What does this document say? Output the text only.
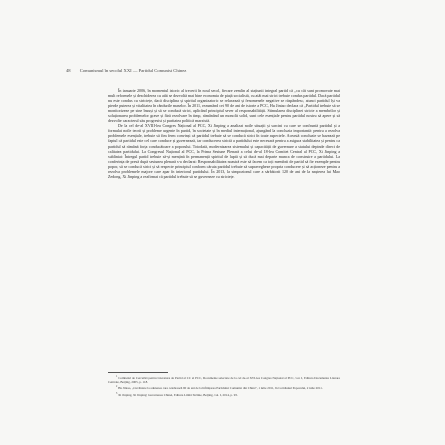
48 Comunismul în secolul XXI — Partidul Comunist Chinez

În ianuarie 2006, în momentul istoric al trecerii în noul secol, fiecare zemlin al stațiunii integral partid că „cu cât sunt promovate mai mult reformele și deschiderea cu atât se dezvoltă mai bine economia de piață socialistă, cu atât mai strict trebuie condus partidul. Dacă partidul nu este condus cu strictețe, dacă disciplina și spiritul organizatoric se relaxează și fenomenele negative se răspândesc, atunci partidul își va pierde puterea și vitalitatea în rândurile maselor. În 2011, rezumând cei 90 de ani de istorie a PCC, Hu Jintao declara că „Partidul trebuie să se monitorizeze pe sine însuși și să se conducă strict, aplicând principiul sever al responsabilității. Stimularea disciplinei stricte a membrilor și soluționarea problemelor grave și fără rezolvare în timp, rămânând un monolit solid, sunt cele esențiale pentru partidul nostru să apere și să dezvolte caracterul său progresist și puritatea politică marxistă.

De la cel de-al XVIII-lea Congres Național al PCC, Xi Jinping a analizat noile situații și sarcini cu care se confruntă partidul și a formulat noile teorii și probleme urgente în partid, în societate și în mediul internațional, ajungând la concluzia importantă: pentru a rezolva problemele esențiale, trebuie să fim ferm convinși că partidul trebuie să se conducă strict în toate aspectele. Această concluzie se bazează pe faptul că partidul este cel care conduce și guvernează, iar conducerea strictă a partidului este necesară pentru a asigura stabilitatea și pentru ca partidul să rămână forța conducătoare a poporului. Totodată, modernizarea sistemului și capacității de guvernare a statului depinde direct de calitatea partidului. La Congresul Național al PCC, la Prima Sesiune Plenară a celui de-al 18-lea Comitet Central al PCC, Xi Jinping a subliniat: Întregul partid trebuie să-și mențină în permanență spiritul de luptă și să ducă mai departe munca de construire a partidului. La conferința de presă după sesiunea plenară s-a declarat: Responsabilitatea noastră este să facem ca toți membrii de partid să fie exemple pentru popor, să se conducă strict și să respecte principiul conform căruia partidul trebuie să supravegheze propria conducere și să acționeze pentru a rezolva problemele majore care apar în interiorul partidului. În 2013, la simpozionul care a sărbătorit 120 de ani de la nașterea lui Mao Zedong, Xi Jinping a reafirmat că partidul trebuie să se guverneze cu strictețe.

$^1$ Comitetul de Cercetări pentru Literatura de Partid al CC al PCC, Documente selectate de la cel de-al XVI-lea Congres Național al PCC, vol. I, Editura Documente Literare Centrale, Beijing, 2005, p. 118.

$^2$ Hu Jintao, „Cuvântare la adunarea care celebrează 90 de ani de la înființarea Partidului Comunist din China”, 1 iulie 2011, în Cotidianul Poporului, 2 iulie 2011.

$^3$ Xi Jinping, Xi Jinping: Guvernarea Chinei, Editura Limbi Străine, Beijing, vol. I, 2014, p. 93.
